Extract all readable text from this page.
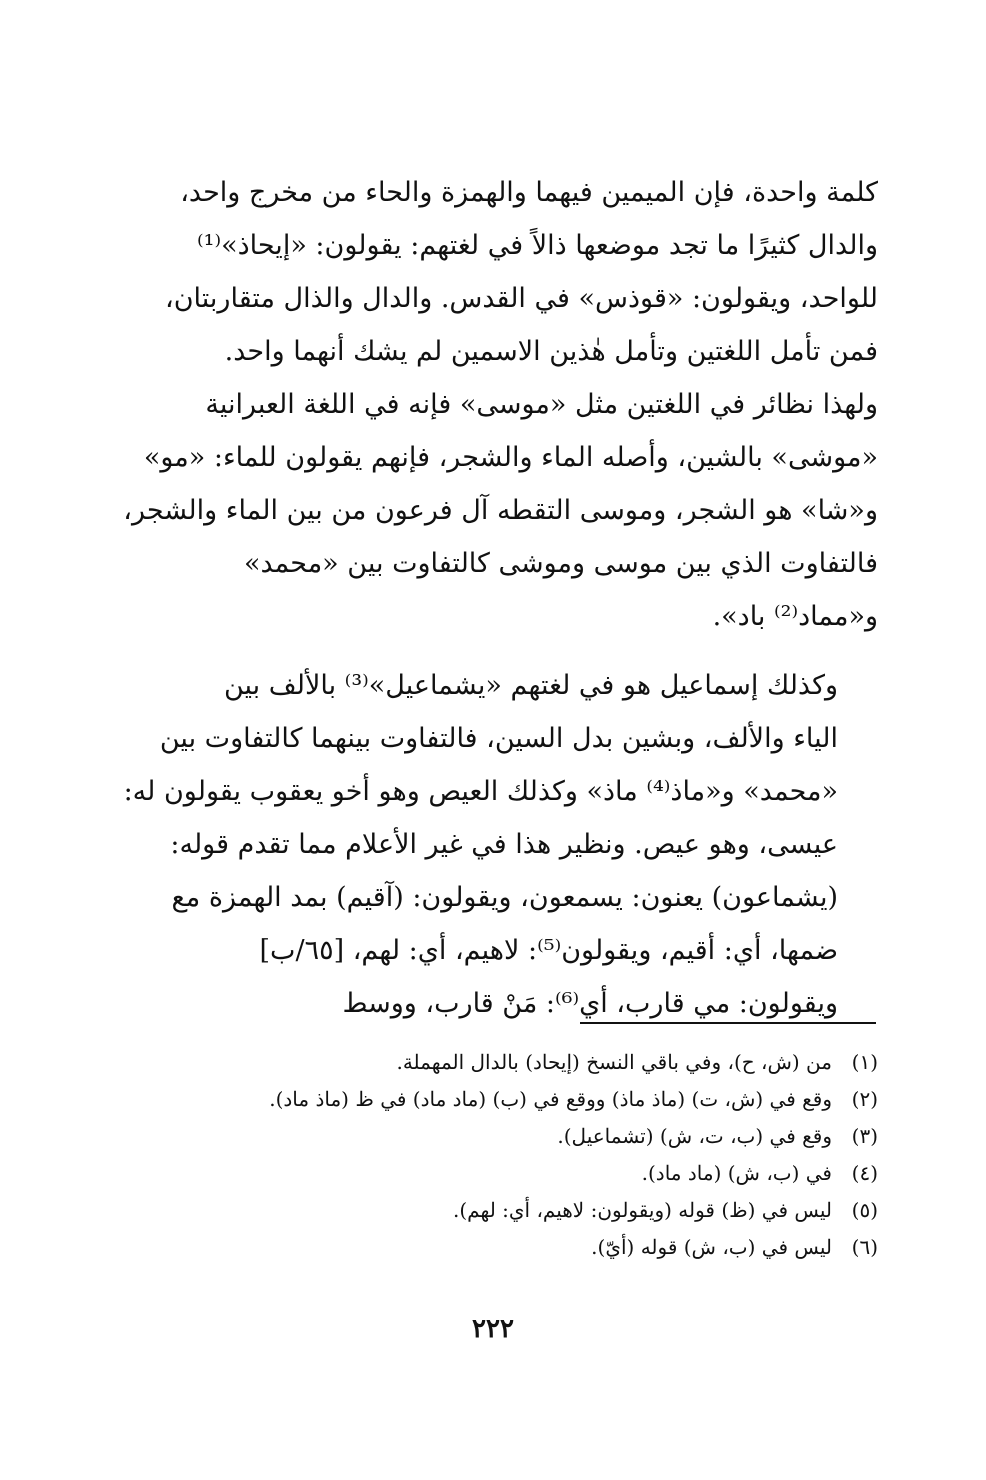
كلمة واحدة، فإن الميمين فيهما والهمزة والحاء من مخرج واحد،
والدال كثيرًا ما تجد موضعها ذالاً في لغتهم: يقولون: «إيحاذ»⁽¹⁾
للواحد، ويقولون: «قوذس» في القدس. والدال والذال متقاربتان،
فمن تأمل اللغتين وتأمل هٰذين الاسمين لم يشك أنهما واحد.
ولهذا نظائر في اللغتين مثل «موسى» فإنه في اللغة العبرانية
«موشى» بالشين، وأصله الماء والشجر، فإنهم يقولون للماء: «مو»
و«شا» هو الشجر، وموسى التقطه آل فرعون من بين الماء والشجر،
فالتفاوت الذي بين موسى وموشى كالتفاوت بين «محمد»
و«مماد⁽²⁾ باد».

وكذلك إسماعيل هو في لغتهم «يشماعيل»⁽³⁾ بالألف بين
الياء والألف، وبشين بدل السين، فالتفاوت بينهما كالتفاوت بين
«محمد» و«ماذ⁽⁴⁾ ماذ» وكذلك العيص وهو أخو يعقوب يقولون له:
عيسى، وهو عيص. ونظير هذا في غير الأعلام مما تقدم قوله:
(يشماعون) يعنون: يسمعون، ويقولون: (آقيم) بمد الهمزة مع
ضمها، أي: أقيم، ويقولون⁽⁵⁾: لاهيم، أي: لهم، [٦٥/ب]
ويقولون: مي قارب، أي⁽⁶⁾: مَنْ قارب، ووسط

(١)من (ش، ح)، وفي باقي النسخ (إيحاد) بالدال المهملة.
(٢)وقع في (ش، ت) (ماذ ماذ) ووقع في (ب) (ماد ماد) في ظ (ماذ ماد).
(٣)وقع في (ب، ت، ش) (تشماعيل).
(٤)في (ب، ش) (ماد ماد).
(٥)ليس في (ظ) قوله (ويقولون: لاهيم، أي: لهم).
(٦)ليس في (ب، ش) قوله (أيّ).
٢٢٢
